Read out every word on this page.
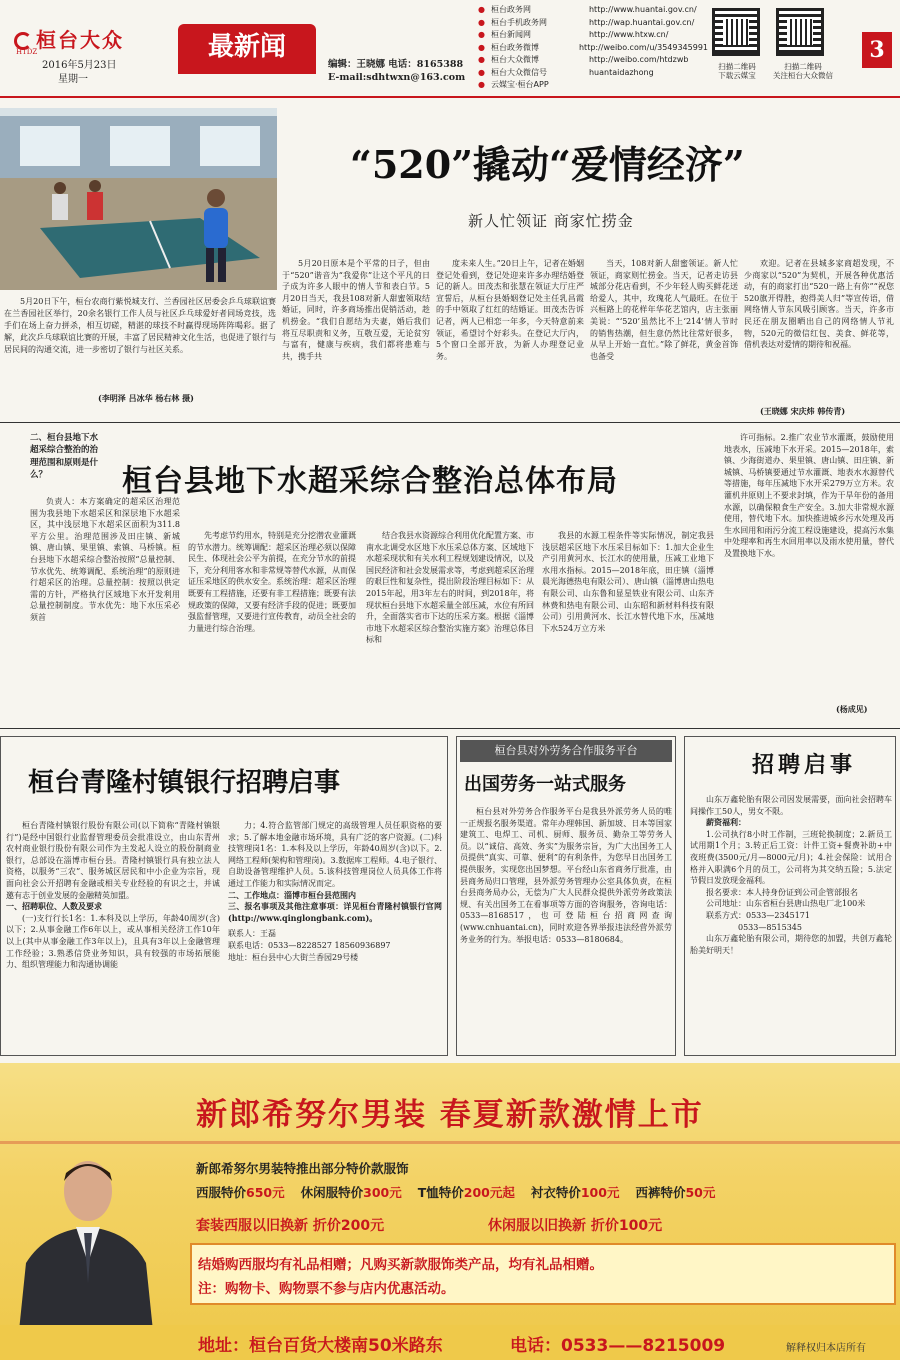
桓台大众
HTDZ
2016年5月23日
星期一
最新闻
编辑：王晓娜 电话：8165388
E-mail:sdhtwxn@163.com
● 桓台政务网	http://www.huantai.gov.cn/
● 桓台手机政务网	http://wap.huantai.gov.cn/
● 桓台新闻网	http://www.htxw.cn/
● 桓台政务微博	http://weibo.com/u/3549345991
● 桓台大众微博	http://weibo.com/htdzwb
● 桓台大众微信号	huantaidazhong
● 云媒宝·桓台APP
扫描二维码
下载云媒宝
扫描二维码
关注桓台大众微信
3

5月20日下午，桓台农商行紫悦城支行、兰香园社区居委会乒乓球联谊赛在兰香园社区举行，20余名银行工作人员与社区乒乓球爱好者同场竞技，选手们在场上奋力拼杀，相互切磋，精湛的球技不时赢得现场阵阵喝彩。据了解，此次乒乓球联谊比赛的开展，丰富了居民精神文化生活，也促进了银行与居民间的沟通交流，进一步密切了银行与社区关系。

(李明泽 吕冰华 杨右林 摄)
“520”撬动“爱情经济”
新人忙领证 商家忙捞金

5月20日原本是个平常的日子，但由于“520”谐音为“我爱你”让这个平凡的日子成为许多人眼中的情人节和表白节。5月20日当天，我县108对新人甜蜜领取结婚证，同时，许多商场推出促销活动，趁机捞金。“我们自愿结为夫妻，婚后我们将互尽职责和义务，互敬互爱，无论贫穷与富有，健康与疾病，我们都将患难与共，携手共

度未来人生。”20日上午，记者在婚姻登记处看到，登记处迎来许多办理结婚登记的新人。田茂杰和张慧在领证大厅庄严宣誓后，从桓台县婚姻登记处主任乳昌霞的手中领取了红红的结婚证。田茂杰告诉记者，两人已相恋一年多，今天特意前来领证，希望讨个好彩头。在登记大厅内，5个窗口全部开放，为新人办理登记业务。

当天，108对新人甜蜜领证。新人忙领证，商家则忙捞金。当天，记者走访县城部分花店看到，不少年轻人购买鲜花送给爱人，其中，玫瑰花人气最旺。在位于兴桓路上的花样年华花艺馆内，店主张丽美说：“‘520’虽然比不上‘214’情人节时的销售热潮，但生意仍然比往常好很多，从早上开始一直忙。”除了鲜花，黄金首饰也备受

欢迎。记者在县城多家商超发现，不少商家以“520”为契机，开展各种优惠活动，有的商家打出“520一路上有你”“祝您520旗开得胜，抱得美人归”等宣传语，借网络情人节东风吸引顾客。当天，许多市民还在朋友圈晒出自己的网络情人节礼物，520元的微信红包、美食、鲜花等，借机表达对爱情的期待和祝福。

(王晓娜 宋庆炜 韩传青)
二、桓台县地下水超采综合整治的治理范围和原则是什么？	桓台县地下水超采综合整治总体布局

负责人：本方案确定的超采区治理范围为我县地下水超采区和深层地下水超采区，其中浅层地下水超采区面积为311.8平方公里。治理范围涉及田庄镇、新城镇、唐山镇、果里镇、索镇、马桥镇。桓台县地下水超采综合整治按照“总量控制、节水优先、统筹调配、系统治理”的原则进行超采区的治理。总量控制：按照以供定需的方针，严格执行区域地下水开发利用总量控制制度。节水优先：地下水压采必须首

先考虑节约用水，特别是充分挖潜农业灌溉的节水潜力。统筹调配：超采区治理必须以保障民生、体现社会公平为前提，在充分节水的前提下，充分利用客水和非常规等替代水源，从而保证压采地区的供水安全。系统治理：超采区治理既要有工程措施，还要有非工程措施；既要有法规政策的保障，又要有经济手段的促进；既要加强监督管理，又要进行宣传教育，动员全社会的力量进行综合治理。

结合我县水资源综合利用优化配置方案、市南水北调受水区地下水压采总体方案、区域地下水超采现状和有关水利工程规划建设情况，以及国民经济和社会发展需求等，考虑到超采区治理的艰巨性和复杂性，提出阶段治理目标如下：从2015年起，用3年左右的时间，到2018年，将现状桓台县地下水超采量全部压减，水位有所回升，全面落实省市下达的压采方案。根据《淄博市地下水超采区综合整治实施方案》治理总体目标和

我县的水源工程条件等实际情况，制定我县浅层超采区地下水压采目标如下：1.加大企业生产引用黄河水、长江水的使用量，压减工业地下水用水指标。2015—2018年底，田庄镇（淄博晨光海德热电有限公司）、唐山镇（淄博唐山热电有限公司、山东鲁和显星铁业有限公司、山东齐林费和热电有限公司、山东昭和新材料科技有限公司）引用黄河水、长江水替代地下水，压减地下水524万立方米

许可指标。2.推广农业节水灌溉，鼓励使用地表水，压减地下水开采。2015—2018年，索镇、少海街道办、果里镇、唐山镇、田庄镇、新城镇、马桥镇要通过节水灌溉、地表水水源替代等措施，每年压减地下水开采279万立方米。农灌机井原则上不要求封填，作为干旱年份的备用水源，以确保粮食生产安全。3.加大非常规水源使用，替代地下水。加快推进城乡污水处理及再生水回用和雨污分流工程设施建设，提高污水集中处理率和再生水回用率以及雨水使用量，替代及置换地下水。

(杨成见)
桓台青隆村镇银行招聘启事

桓台青隆村镇银行股份有限公司(以下简称“青隆村镇银行”)是经中国银行业监督管理委员会批准设立，由山东青州农村商业银行股份有限公司作为主发起人设立的股份制商业银行，总部设在淄博市桓台县。青隆村镇银行具有独立法人资格，以服务“三农”、服务城区居民和中小企业为宗旨，现面向社会公开招聘有金融或相关专业经验的有识之士，并诚邀有志于创业发展的金融精英加盟。

一、招聘职位、人数及要求

(一)支行行长1名：1.本科及以上学历，年龄40周岁(含)以下；2.从事金融工作6年以上，或从事相关经济工作10年以上(其中从事金融工作3年以上)，且具有3年以上金融管理工作经验；3.熟悉信贷业务知识，具有较强的市场拓展能力、组织管理能力和沟通协调能

力；4.符合监管部门规定的高级管理人员任职资格的要求；5.了解本地金融市场环境，具有广泛的客户资源。(二)科技管理岗1名：1.本科及以上学历，年龄40周岁(含)以下。2.网络工程师(架构和管理岗)。3.数据库工程师。4.电子银行、自助设备管理维护人员。5.该科技管理岗位人员具体工作将通过工作能力和实际情况而定。

二、工作地点：淄博市桓台县范围内
三、报名事项及其他注意事项：详见桓台青隆村镇银行官网(http://www.qinglongbank.com)。
联系人：王磊
联系电话：0533—8228527 18560936897
地址：桓台县中心大街兰香园29号楼
桓台县对外劳务合作服务平台
出国劳务一站式服务

桓台县对外劳务合作服务平台是我县外派劳务人员的唯一正规报名服务渠道。常年办理韩国、新加坡、日本等国家建筑工、电焊工、司机、厨师、服务员、勤杂工等劳务人员。以“诚信、高效、务实”为服务宗旨，为广大出国务工人员提供“真实、可靠、便利”的有利条件，为您早日出国务工提供服务，实现您出国梦想。平台经山东省商务厅批准，由县商务局归口管理，县外派劳务管理办公室具体负责，在桓台县商务局办公，无偿为广大人民群众提供外派劳务政策法规、有关出国务工在看事项等方面的咨询服务，咨询电话：0533—8168517，也可登陆桓台招商网查询(www.cnhuantai.cn)，同时欢迎各界举报违法经营外派劳务业务的行为。举报电话：0533—8180684。

招聘启事

山东万鑫轮胎有限公司因发展需要，面向社会招聘车间操作工50人，男女不限。

薪资福利：

1.公司执行8小时工作制，三班轮换制度；2.新员工试用期1个月；3.转正后工资：计件工资+餐费补助+中夜班费(3500元/月—8000元/月)；4.社会保险：试用合格并入职满6个月的员工，公司将为其交纳五险；5.法定节假日发放现金福利。

报名要求：本人持身份证到公司企管部报名

公司地址：山东省桓台县唐山热电厂北100米

联系方式：0533—2345171

0533—8515345

山东万鑫轮胎有限公司，期待您的加盟，共创万鑫轮胎美好明天！

新郎希努尔男装 春夏新款激情上市
新郎希努尔男装特推出部分特价款服饰
西服特价650元 休闲服特价300元 T恤特价200元起 衬衣特价100元 西裤特价50元
套装西服以旧换新 折价200元	休闲服以旧换新 折价100元
结婚购西服均有礼品相赠；凡购买新款服饰类产品，均有礼品相赠。
注：购物卡、购物票不参与店内优惠活动。
地址：桓台百货大楼南50米路东	电话：0533——8215009	解释权归本店所有
